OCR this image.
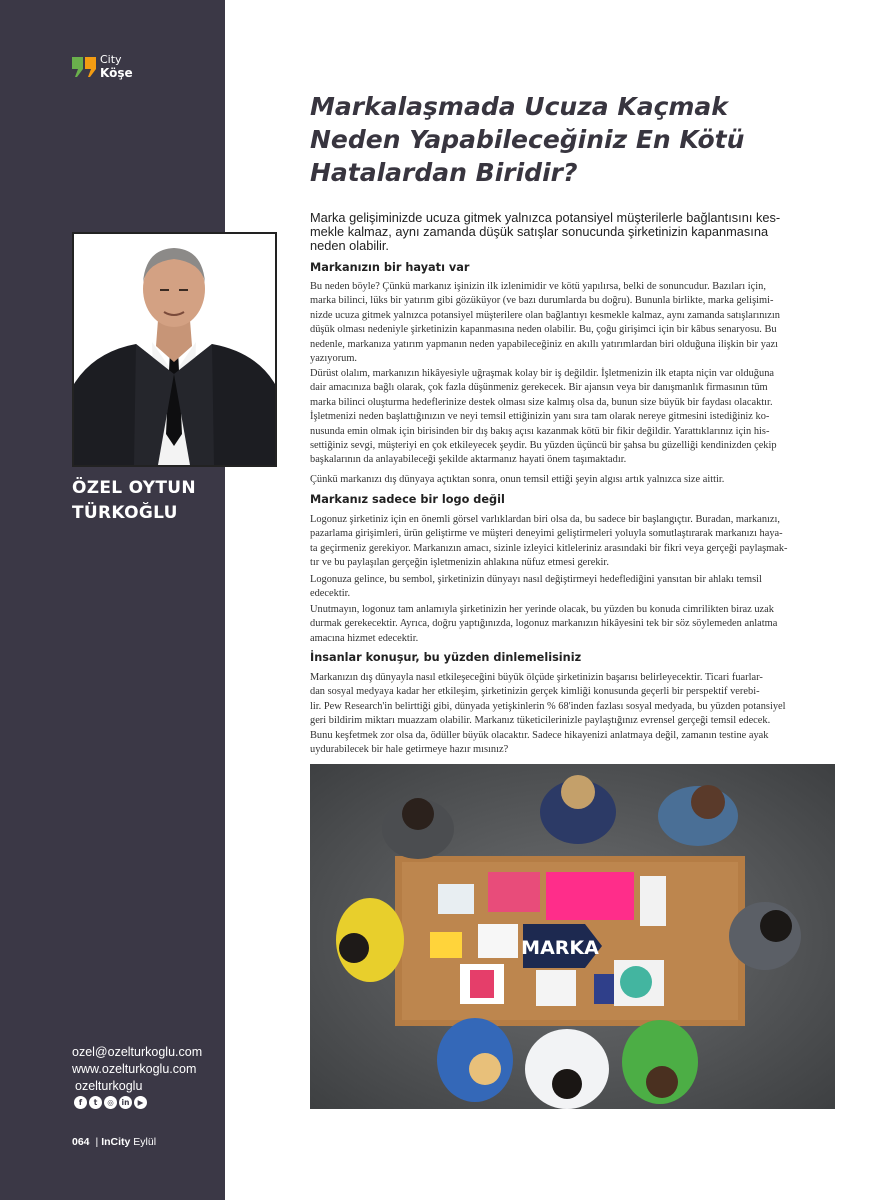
City
Köşe
ÖZEL OYTUN
TÜRKOĞLU
ozel@ozelturkoglu.com
www.ozelturkoglu.com
ozelturkoglu
f	t	◎	in	▶
064 | InCity Eylül
Markalaşmada Ucuza Kaçmak
Neden Yapabileceğiniz En Kötü
Hatalardan Biridir?
Marka gelişiminizde ucuza gitmek yalnızca potansiyel müşterilerle bağlantısını kes-
mekle kalmaz, aynı zamanda düşük satışlar sonucunda şirketinizin kapanmasına
neden olabilir.
Markanızın bir hayatı var
Bu neden böyle? Çünkü markanız işinizin ilk izlenimidir ve kötü yapılırsa, belki de sonuncudur. Bazıları için,
marka bilinci, lüks bir yatırım gibi gözüküyor (ve bazı durumlarda bu doğru). Bununla birlikte, marka gelişimi-
nizde ucuza gitmek yalnızca potansiyel müşterilere olan bağlantıyı kesmekle kalmaz, aynı zamanda satışlarınızın
düşük olması nedeniyle şirketinizin kapanmasına neden olabilir. Bu, çoğu girişimci için bir kâbus senaryosu. Bu
nedenle, markanıza yatırım yapmanın neden yapabileceğiniz en akıllı yatırımlardan biri olduğuna ilişkin bir yazı
yazıyorum.
Dürüst olalım, markanızın hikâyesiyle uğraşmak kolay bir iş değildir. İşletmenizin ilk etapta niçin var olduğuna
dair amacınıza bağlı olarak, çok fazla düşünmeniz gerekecek. Bir ajansın veya bir danışmanlık firmasının tüm
marka bilinci oluşturma hedeflerinize destek olması size kalmış olsa da, bunun size büyük bir faydası olacaktır.
İşletmenizi neden başlattığınızın ve neyi temsil ettiğinizin yanı sıra tam olarak nereye gitmesini istediğiniz ko-
nusunda emin olmak için birisinden bir dış bakış açısı kazanmak kötü bir fikir değildir. Yarattıklarınız için his-
settiğiniz sevgi, müşteriyi en çok etkileyecek şeydir. Bu yüzden üçüncü bir şahsa bu güzelliği kendinizden çekip
başkalarının da anlayabileceği şekilde aktarmanız hayati önem taşımaktadır.
Çünkü markanızı dış dünyaya açtıktan sonra, onun temsil ettiği şeyin algısı artık yalnızca size aittir.
Markanız sadece bir logo değil
Logonuz şirketiniz için en önemli görsel varlıklardan biri olsa da, bu sadece bir başlangıçtır. Buradan, markanızı,
pazarlama girişimleri, ürün geliştirme ve müşteri deneyimi geliştirmeleri yoluyla somutlaştırarak markanızı haya-
ta geçirmeniz gerekiyor. Markanızın amacı, sizinle izleyici kitleleriniz arasındaki bir fikri veya gerçeği paylaşmak-
tır ve bu paylaşılan gerçeğin işletmenizin ahlakına nüfuz etmesi gerekir.
Logonuza gelince, bu sembol, şirketinizin dünyayı nasıl değiştirmeyi hedeflediğini yansıtan bir ahlakı temsil
edecektir.
Unutmayın, logonuz tam anlamıyla şirketinizin her yerinde olacak, bu yüzden bu konuda cimrilikten biraz uzak
durmak gerekecektir. Ayrıca, doğru yaptığınızda, logonuz markanızın hikâyesini tek bir söz söylemeden anlatma
amacına hizmet edecektir.
İnsanlar konuşur, bu yüzden dinlemelisiniz
Markanızın dış dünyayla nasıl etkileşeceğini büyük ölçüde şirketinizin başarısı belirleyecektir. Ticari fuarlar-
dan sosyal medyaya kadar her etkileşim, şirketinizin gerçek kimliği konusunda geçerli bir perspektif verebi-
lir. Pew Research'in belirttiği gibi, dünyada yetişkinlerin % 68'inden fazlası sosyal medyada, bu yüzden potansiyel
geri bildirim miktarı muazzam olabilir. Markanız tüketicilerinizle paylaştığınız evrensel gerçeği temsil edecek.
Bunu keşfetmek zor olsa da, ödüller büyük olacaktır. Sadece hikayenizi anlatmaya değil, zamanın testine ayak
uydurabilecek bir hale getirmeye hazır mısınız?
MARKA
